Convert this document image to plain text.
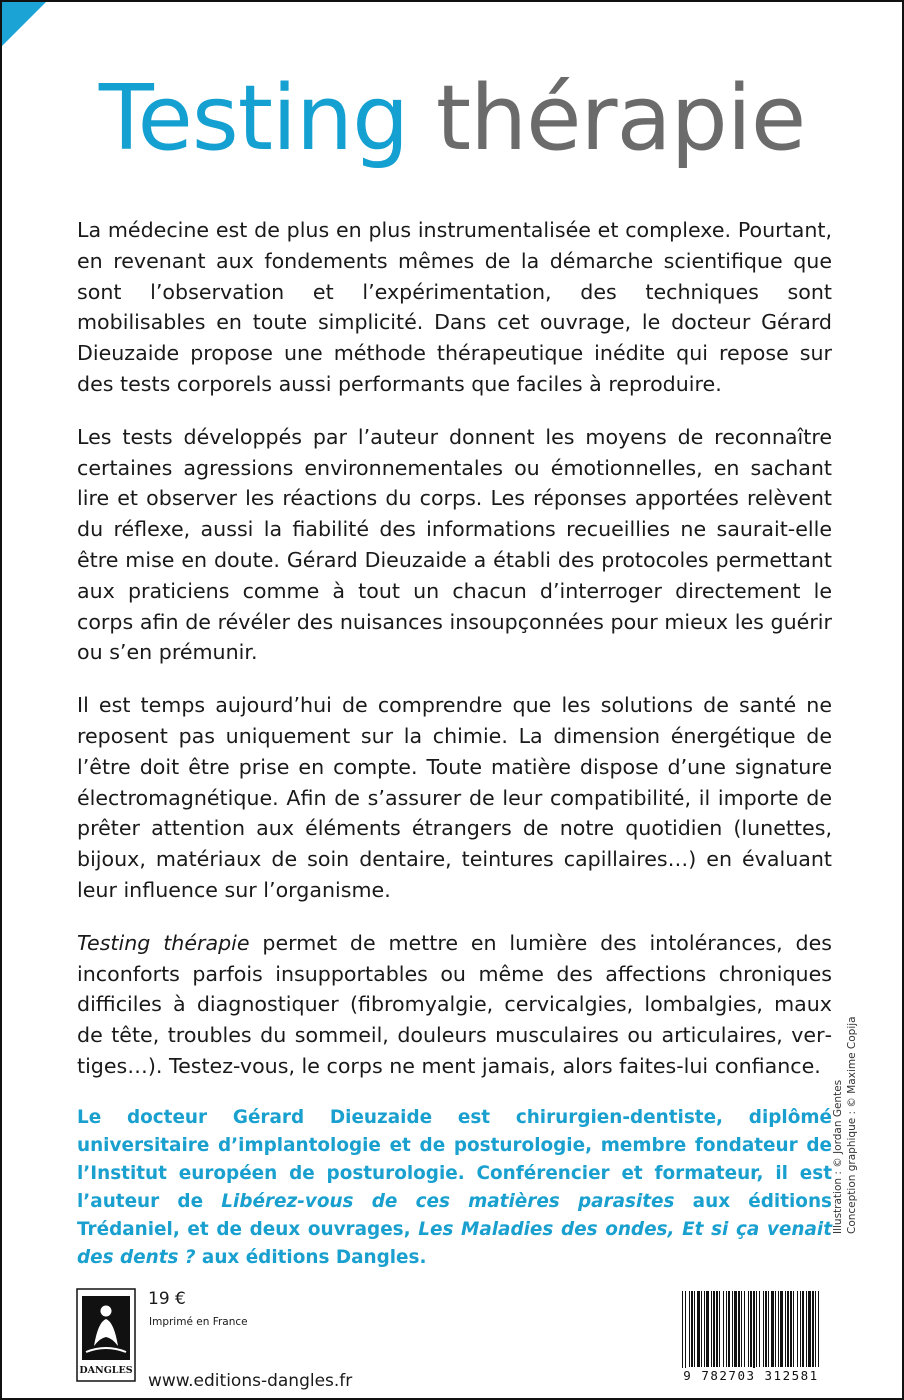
Testing thérapie

La médecine est de plus en plus instrumentalisée et complexe. Pourtant, en revenant aux fondements mêmes de la démarche scientifique que sont l’observation et l’expérimentation, des techniques sont mobilisables en toute simplicité. Dans cet ouvrage, le docteur Gérard Dieuzaide propose une méthode thérapeutique inédite qui repose sur des tests corporels aussi performants que faciles à reproduire.

Les tests développés par l’auteur donnent les moyens de reconnaître certaines agressions environnementales ou émotionnelles, en sachant lire et observer les réactions du corps. Les réponses apportées relèvent du réflexe, aussi la fiabilité des informations recueillies ne saurait-elle être mise en doute. Gérard Dieuzaide a établi des protocoles permettant aux praticiens comme à tout un chacun d’interroger directement le corps afin de révéler des nuisances insoupçonnées pour mieux les guérir ou s’en prémunir.

Il est temps aujourd’hui de comprendre que les solutions de santé ne reposent pas uniquement sur la chimie. La dimension énergétique de l’être doit être prise en compte. Toute matière dispose d’une signature électromagnétique. Afin de s’assurer de leur compatibilité, il importe de prêter attention aux éléments étrangers de notre quotidien (lunettes, bijoux, matériaux de soin dentaire, teintures capillaires…) en évaluant leur influence sur l’organisme.

Testing thérapie permet de mettre en lumière des intolérances, des inconforts parfois insupportables ou même des affections chroniques difficiles à diagnostiquer (fibromyalgie, cervicalgies, lombalgies, maux de tête, troubles du sommeil, douleurs musculaires ou articulaires, vertiges…). Testez-vous, le corps ne ment jamais, alors faites-lui confiance.

Le docteur Gérard Dieuzaide est chirurgien-dentiste, diplômé universitaire d’implantologie et de posturologie, membre fondateur de l’Institut européen de posturologie. Conférencier et formateur, il est l’auteur de Libérez-vous de ces matières parasites aux éditions Trédaniel, et de deux ouvrages, Les Maladies des ondes, Et si ça venait des dents ? aux éditions Dangles.

Illustration : © Jordan Gentes Conception graphique : © Maxime Copija
DANGLES
19 €
Imprimé en France
www.editions-dangles.fr	9 782703 312581
